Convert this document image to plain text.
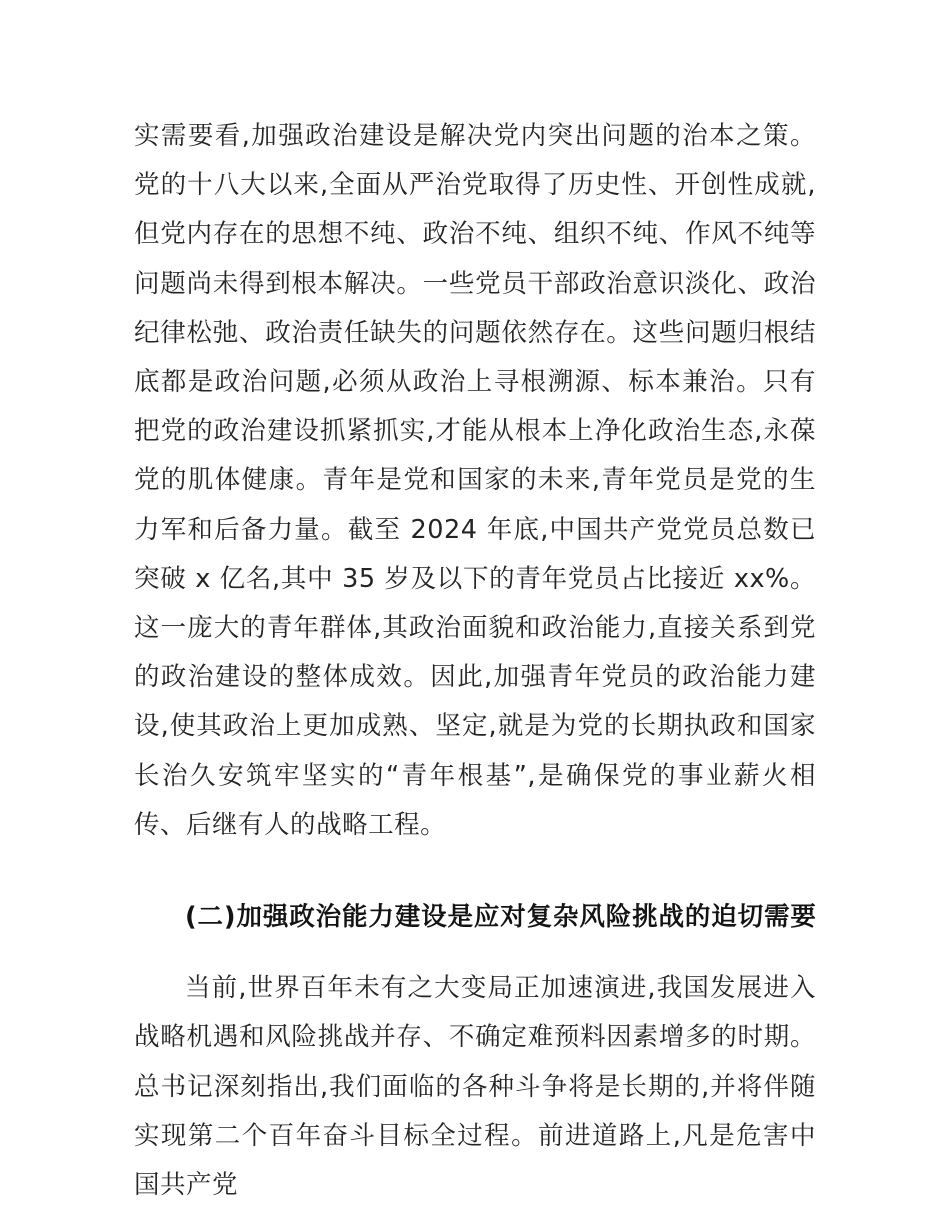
实需要看,加强政治建设是解决党内突出问题的治本之策。党的十八大以来,全面从严治党取得了历史性、开创性成就,但党内存在的思想不纯、政治不纯、组织不纯、作风不纯等问题尚未得到根本解决。一些党员干部政治意识淡化、政治纪律松弛、政治责任缺失的问题依然存在。这些问题归根结底都是政治问题,必须从政治上寻根溯源、标本兼治。只有把党的政治建设抓紧抓实,才能从根本上净化政治生态,永葆党的肌体健康。青年是党和国家的未来,青年党员是党的生力军和后备力量。截至 2024 年底,中国共产党党员总数已突破 x 亿名,其中 35 岁及以下的青年党员占比接近 xx%。这一庞大的青年群体,其政治面貌和政治能力,直接关系到党的政治建设的整体成效。因此,加强青年党员的政治能力建设,使其政治上更加成熟、坚定,就是为党的长期执政和国家长治久安筑牢坚实的“青年根基”,是确保党的事业薪火相传、后继有人的战略工程。

(二)加强政治能力建设是应对复杂风险挑战的迫切需要

当前,世界百年未有之大变局正加速演进,我国发展进入战略机遇和风险挑战并存、不确定难预料因素增多的时期。总书记深刻指出,我们面临的各种斗争将是长期的,并将伴随实现第二个百年奋斗目标全过程。前进道路上,凡是危害中国共产党
